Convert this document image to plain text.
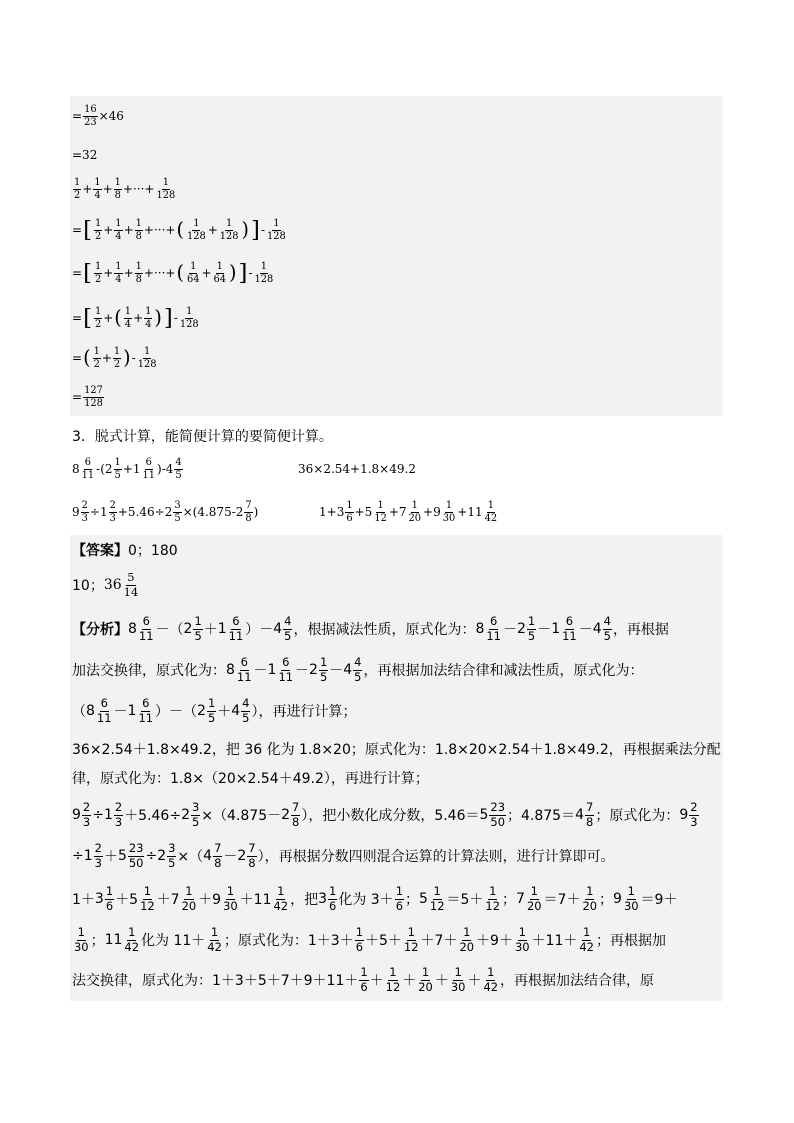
= $\frac{16}{23} \times 46$
=32
$\frac{1}{2} + \frac{1}{4} + \frac{1}{8}$ +···+ $\frac{1}{128}$
= [ $\frac{1}{2} + \frac{1}{4} + \frac{1}{8}$ +···+ ( $\frac{1}{128} + \frac{1}{128}$ ) ] - $\frac{1}{128}$
= [ $\frac{1}{2} + \frac{1}{4} + \frac{1}{8}$ +···+ ( $\frac{1}{64} + \frac{1}{64}$ ) ] - $\frac{1}{128}$
= [ $\frac{1}{2}$ + ( $\frac{1}{4} + \frac{1}{4}$ ) ] - $\frac{1}{128}$
= ( $\frac{1}{2} + \frac{1}{2}$ ) - $\frac{1}{128}$
= $\frac{127}{128}$
3．脱式计算，能简便计算的要简便计算。
$8 \frac{6}{11}$ - ( $2 \frac{1}{5} + 1 \frac{6}{11}$ ) - $4 \frac{4}{5}$	36×2.54+1.8×49.2
$9 \frac{2}{3} \div 1 \frac{2}{3} +5.46\div 2 \frac{3}{5} \times(4.875-$ $2 \frac{7}{8}$ )	$1+ 3 \frac{1}{6} + 5 \frac{1}{12} + 7 \frac{1}{20} + 9 \frac{1}{30} + 11 \frac{1}{42}$
【答案】 0；180
10； $36 \frac{5}{14}$
【分析】 $8 \frac{6}{11}$ －（ $2 \frac{1}{5} + 1 \frac{6}{11}$ ）－ $4 \frac{4}{5}$ ，根据减法性质，原式化为： $8 \frac{6}{11} - 2 \frac{1}{5} - 1 \frac{6}{11} - 4 \frac{4}{5}$ ，再根据
加法交换律，原式化为： $8 \frac{6}{11} - 1 \frac{6}{11} - 2 \frac{1}{5} - 4 \frac{4}{5}$ ，再根据加法结合律和减法性质，原式化为：
（ $8 \frac{6}{11} - 1 \frac{6}{11}$ ）－（ $2 \frac{1}{5} + 4 \frac{4}{5}$ ），再进行计算；
36×2.54＋1.8×49.2，把 36 化为 1.8×20；原式化为：1.8×20×2.54＋1.8×49.2，再根据乘法分配
律，原式化为：1.8×（20×2.54＋49.2），再进行计算；
$9 \frac{2}{3} \div 1 \frac{2}{3} +5.46\div 2 \frac{3}{5} \times(4.875- 2 \frac{7}{8}$ ），把小数化成分数，$5.46= 5 \frac{23}{50}$ ；$4.875= 4 \frac{7}{8}$ ；原式化为： $9 \frac{2}{3}$
÷ $1 \frac{2}{3} + 5 \frac{23}{50} \div 2 \frac{3}{5}$ ×（ $4 \frac{7}{8} - 2 \frac{7}{8}$ ），再根据分数四则混合运算的计算法则，进行计算即可。
$1+ 3 \frac{1}{6} +5 \frac{1}{12} +7 \frac{1}{20} +9 \frac{1}{30} +11 \frac{1}{42}$ ，把 $3 \frac{1}{6}$ 化为 $3+ \frac{1}{6}$ ； $5 \frac{1}{12} =5+ \frac{1}{12}$ ； $7 \frac{1}{20} =7+ \frac{1}{20}$ ； $9 \frac{1}{30} =9+$
$\frac{1}{30}$ ； $11 \frac{1}{42}$ 化为 $11+ \frac{1}{42}$ ；原式化为：$1+3+ \frac{1}{6} +5 + \frac{1}{12} +7 + \frac{1}{20} +9 + \frac{1}{30} +11 + \frac{1}{42}$ ；再根据加
法交换律，原式化为：$1+3+5+7+9+11+ \frac{1}{6} + \frac{1}{12} + \frac{1}{20} + \frac{1}{30} + \frac{1}{42}$ ，再根据加法结合律，原
